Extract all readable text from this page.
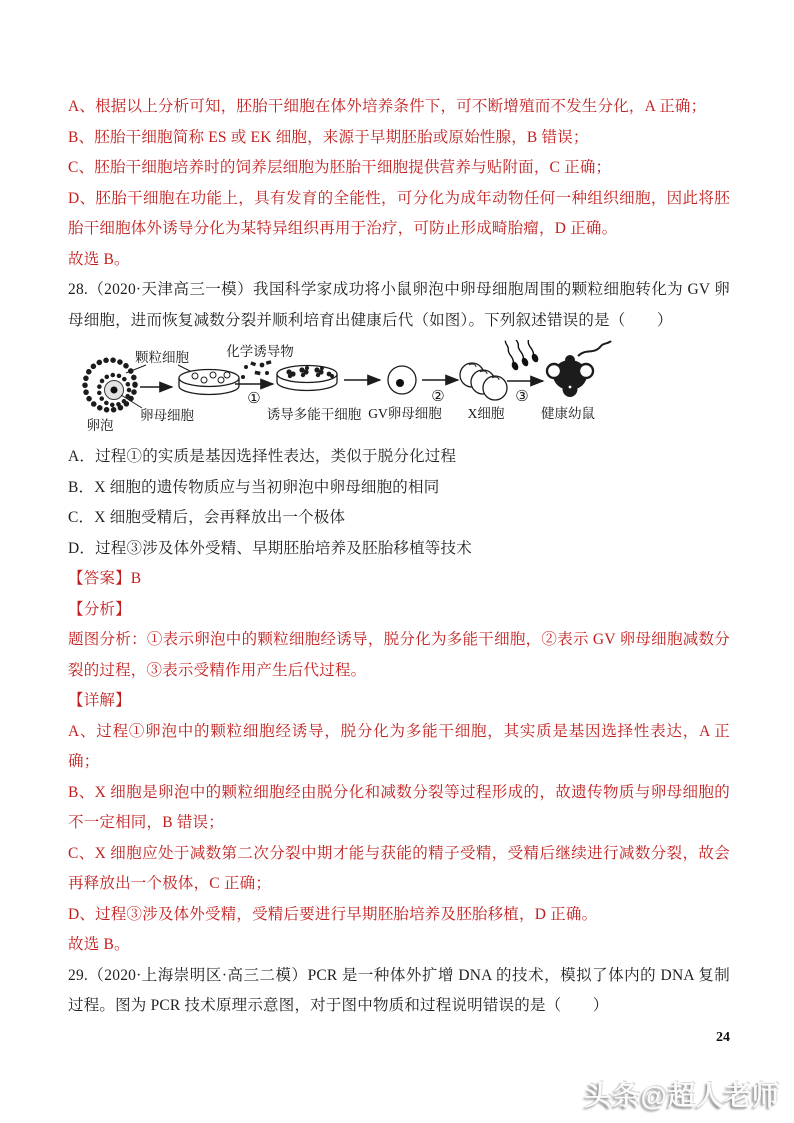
A、根据以上分析可知，胚胎干细胞在体外培养条件下，可不断增殖而不发生分化，A 正确；

B、胚胎干细胞简称 ES 或 EK 细胞，来源于早期胚胎或原始性腺，B 错误；

C、胚胎干细胞培养时的饲养层细胞为胚胎干细胞提供营养与贴附面，C 正确；

D、胚胎干细胞在功能上，具有发育的全能性，可分化为成年动物任何一种组织细胞，因此将胚胎干细胞体外诱导分化为某特异组织再用于治疗，可防止形成畸胎瘤，D 正确。

故选 B。

28.（2020·天津高三一模）我国科学家成功将小鼠卵泡中卵母细胞周围的颗粒细胞转化为 GV 卵母细胞，进而恢复减数分裂并顺利培育出健康后代（如图）。下列叙述错误的是（　　）

颗粒细胞
卵母细胞
卵泡
化学诱导物
①
诱导多能干细胞 GV卵母细胞
②
X细胞
③
健康幼鼠

A．过程①的实质是基因选择性表达，类似于脱分化过程

B．X 细胞的遗传物质应与当初卵泡中卵母细胞的相同

C．X 细胞受精后，会再释放出一个极体

D．过程③涉及体外受精、早期胚胎培养及胚胎移植等技术

【答案】B

【分析】

题图分析：①表示卵泡中的颗粒细胞经诱导，脱分化为多能干细胞，②表示 GV 卵母细胞减数分裂的过程，③表示受精作用产生后代过程。

【详解】

A、过程①卵泡中的颗粒细胞经诱导，脱分化为多能干细胞，其实质是基因选择性表达，A 正确；

B、X 细胞是卵泡中的颗粒细胞经由脱分化和减数分裂等过程形成的，故遗传物质与卵母细胞的不一定相同，B 错误；

C、X 细胞应处于减数第二次分裂中期才能与获能的精子受精，受精后继续进行减数分裂，故会再释放出一个极体，C 正确；

D、过程③涉及体外受精，受精后要进行早期胚胎培养及胚胎移植，D 正确。

故选 B。

29.（2020·上海崇明区·高三二模）PCR 是一种体外扩增 DNA 的技术，模拟了体内的 DNA 复制过程。图为 PCR 技术原理示意图，对于图中物质和过程说明错误的是（　　）

24
头条@超人老师
